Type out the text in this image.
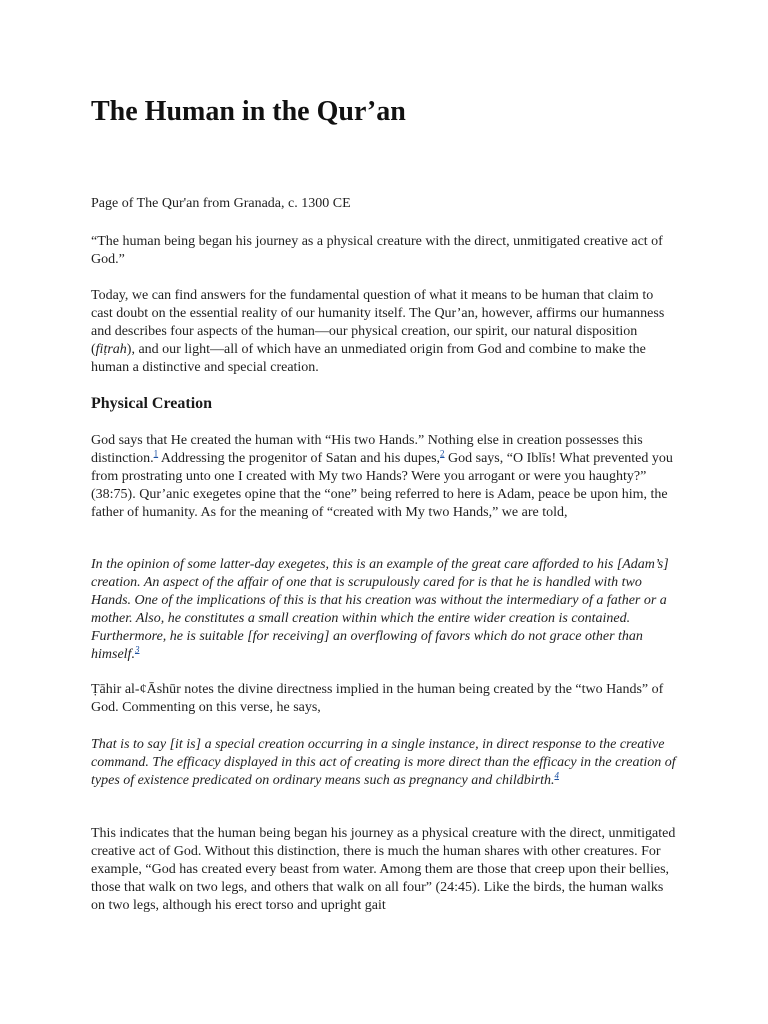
The Human in the Qur’an

Page of The Qur'an from Granada, c. 1300 CE

“The human being began his journey as a physical creature with the direct, unmitigated creative act of God.”

Today, we can find answers for the fundamental question of what it means to be human that claim to cast doubt on the essential reality of our humanity itself. The Qur’an, however, affirms our humanness and describes four aspects of the human—our physical creation, our spirit, our natural disposition (fiṭrah), and our light—all of which have an unmediated origin from God and combine to make the human a distinctive and special creation.

Physical Creation

God says that He created the human with “His two Hands.” Nothing else in creation possesses this distinction.$^1$ Addressing the progenitor of Satan and his dupes,$^2$ God says, “O Iblīs! What prevented you from prostrating unto one I created with My two Hands? Were you arrogant or were you haughty?” (38:75). Qur’anic exegetes opine that the “one” being referred to here is Adam, peace be upon him, the father of humanity. As for the meaning of “created with My two Hands,” we are told,

In the opinion of some latter-day exegetes, this is an example of the great care afforded to his [Adam’s] creation. An aspect of the affair of one that is scrupulously cared for is that he is handled with two Hands. One of the implications of this is that his creation was without the intermediary of a father or a mother. Also, he constitutes a small creation within which the entire wider creation is contained. Furthermore, he is suitable [for receiving] an overflowing of favors which do not grace other than himself.$^3$

Ṭāhir al-¢Āshūr notes the divine directness implied in the human being created by the “two Hands” of God. Commenting on this verse, he says,

That is to say [it is] a special creation occurring in a single instance, in direct response to the creative command. The efficacy displayed in this act of creating is more direct than the efficacy in the creation of types of existence predicated on ordinary means such as pregnancy and childbirth.$^4$

This indicates that the human being began his journey as a physical creature with the direct, unmitigated creative act of God. Without this distinction, there is much the human shares with other creatures. For example, “God has created every beast from water. Among them are those that creep upon their bellies, those that walk on two legs, and others that walk on all four” (24:45). Like the birds, the human walks on two legs, although his erect torso and upright gait
